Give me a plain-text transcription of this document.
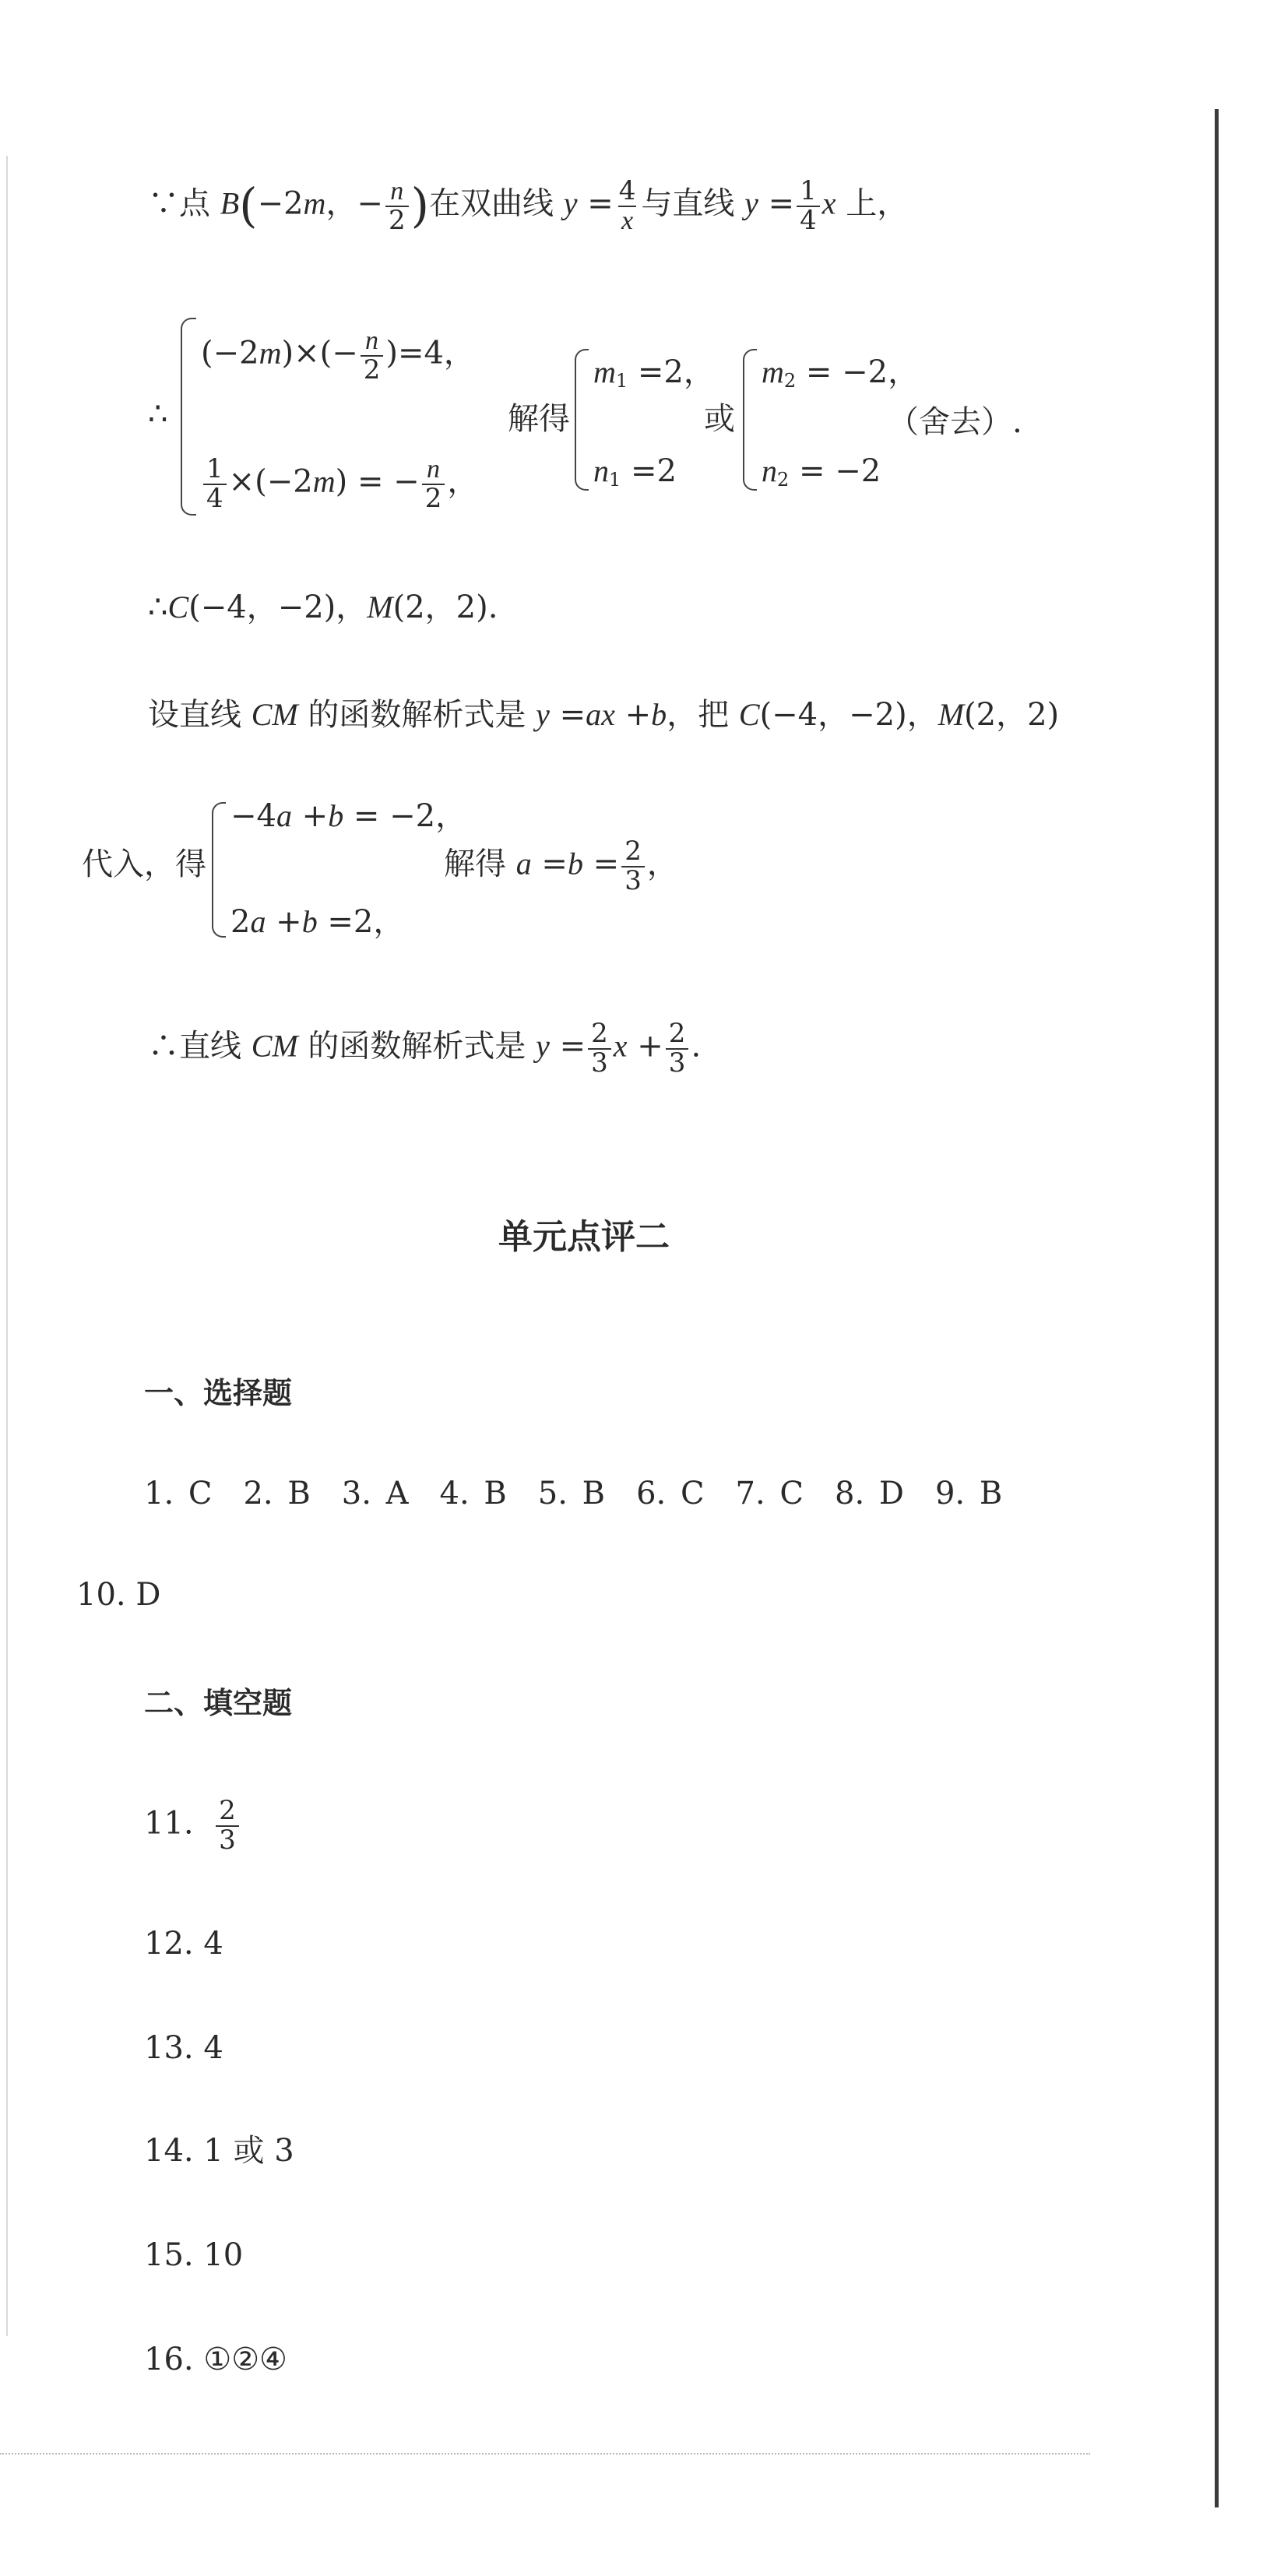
∵点 B(−2m，− $\frac{n}{2}$ )在双曲线 $y = \frac{4}{x}$ 与直线 $y = \frac{1}{4}$ x 上，
∴
$(-2m)\times(- \frac{n}{2} )=4$，
$\frac{1}{4} \times(-2m)$ = − $\frac{n}{2}$ ，
解得
$m_1 =2$，
$n_1 =2$
或
$m_2 = -2$，
$n_2 = -2$
（舍去）.
∴C(−4，−2)，M(2，2).
设直线 CM 的函数解析式是 y =ax +b，把 C(−4，−2)，M(2，2)
代入，得
−4a +b = −2，
2a +b =2，
解得 $a =b = \frac{2}{3}$ ，
∴直线 CM 的函数解析式是 $y = \frac{2}{3}$ $x + \frac{2}{3}$ .
单元点评二
一、选择题
1. C　2. B　3. A　4. B　5. B　6. C　7. C　8. D　9. B
10. D
二、填空题
11. $\frac{2}{3}$
12. 4
13. 4
14. 1 或 3
15. 10
16. ①②④
